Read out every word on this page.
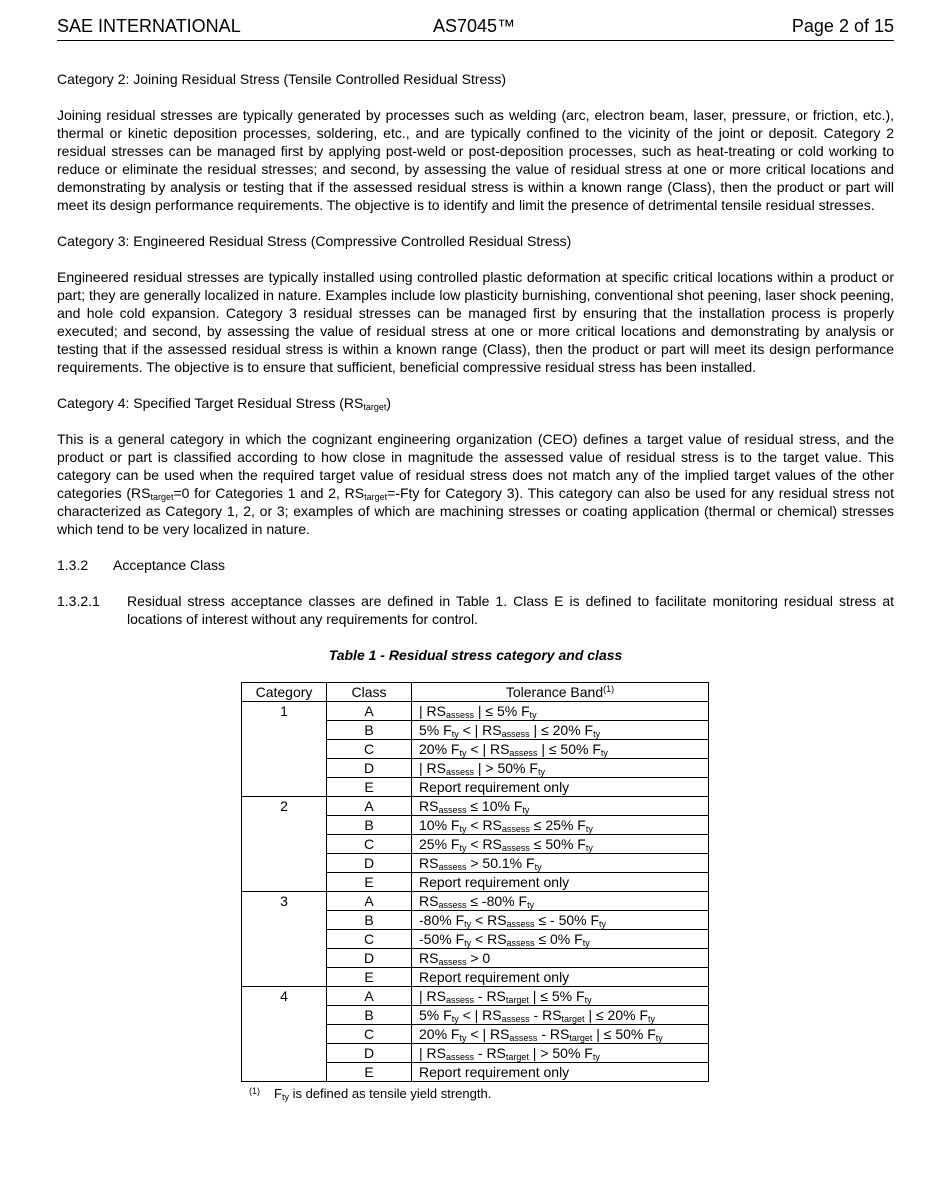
SAE INTERNATIONAL	AS7045™	Page 2 of 15

Category 2: Joining Residual Stress (Tensile Controlled Residual Stress)

Joining residual stresses are typically generated by processes such as welding (arc, electron beam, laser, pressure, or friction, etc.), thermal or kinetic deposition processes, soldering, etc., and are typically confined to the vicinity of the joint or deposit. Category 2 residual stresses can be managed first by applying post-weld or post-deposition processes, such as heat-treating or cold working to reduce or eliminate the residual stresses; and second, by assessing the value of residual stress at one or more critical locations and demonstrating by analysis or testing that if the assessed residual stress is within a known range (Class), then the product or part will meet its design performance requirements. The objective is to identify and limit the presence of detrimental tensile residual stresses.

Category 3: Engineered Residual Stress (Compressive Controlled Residual Stress)

Engineered residual stresses are typically installed using controlled plastic deformation at specific critical locations within a product or part; they are generally localized in nature. Examples include low plasticity burnishing, conventional shot peening, laser shock peening, and hole cold expansion. Category 3 residual stresses can be managed first by ensuring that the installation process is properly executed; and second, by assessing the value of residual stress at one or more critical locations and demonstrating by analysis or testing that if the assessed residual stress is within a known range (Class), then the product or part will meet its design performance requirements. The objective is to ensure that sufficient, beneficial compressive residual stress has been installed.

Category 4: Specified Target Residual Stress $(RS_{target})$

This is a general category in which the cognizant engineering organization (CEO) defines a target value of residual stress, and the product or part is classified according to how close in magnitude the assessed value of residual stress is to the target value. This category can be used when the required target value of residual stress does not match any of the implied target values of the other categories ($RS_{target}=0$ for Categories 1 and 2, $RS_{target}=$-Fty for Category 3). This category can also be used for any residual stress not characterized as Category 1, 2, or 3; examples of which are machining stresses or coating application (thermal or chemical) stresses which tend to be very localized in nature.

1.3.2	Acceptance Class
1.3.2.1	Residual stress acceptance classes are defined in Table 1. Class E is defined to facilitate monitoring residual stress at locations of interest without any requirements for control.
Table 1 - Residual stress category and class
Category	Class	Tolerance Band$^{(1)}$
1	A	| $RS_{assess}$ | ≤ 5% $F_{ty}$
	B	5% $F_{ty}$ < | $RS_{assess}$ | ≤ 20% $F_{ty}$
	C	20% $F_{ty}$ < | $RS_{assess}$ | ≤ 50% $F_{ty}$
	D	| $RS_{assess}$ | > 50% $F_{ty}$
	E	Report requirement only
2	A	$RS_{assess} \le 10\%$ $F_{ty}$
	B	10% $F_{ty} < RS_{assess} \le 25\%$ $F_{ty}$
	C	25% $F_{ty} < RS_{assess} \le 50\%$ $F_{ty}$
	D	$RS_{assess} > 50.1\%$ $F_{ty}$
	E	Report requirement only
3	A	$RS_{assess} \le -80\%$ $F_{ty}$
	B	-80% $F_{ty} < RS_{assess}$ ≤ - 50% $F_{ty}$
	C	-50% $F_{ty} < RS_{assess} \le 0\%$ $F_{ty}$
	D	$RS_{assess} > 0$
	E	Report requirement only
4	A	| $RS_{assess} - RS_{target}$ | ≤ 5% $F_{ty}$
	B	5% $F_{ty}$ < | $RS_{assess} - RS_{target}$ | ≤ 20% $F_{ty}$
	C	20% $F_{ty}$ < | $RS_{assess} - RS_{target}$ | ≤ 50% $F_{ty}$
	D	| $RS_{assess} - RS_{target}$ | > 50% $F_{ty}$
	E	Report requirement only
$^{(1)}$ $F_{ty}$ is defined as tensile yield strength.
